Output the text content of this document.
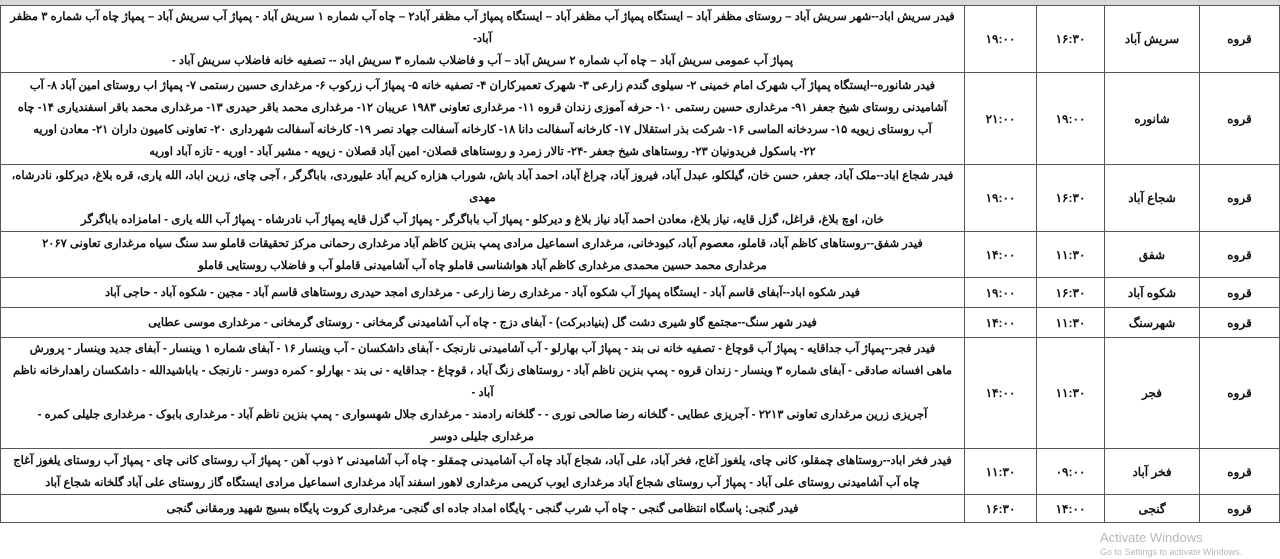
قروه	سریش آباد	۱۶:۳۰	۱۹:۰۰	فیدر سریش اباد--شهر سریش آباد – روستای مظفر آباد – ایستگاه پمپاژ آب مظفر آباد – ایستگاه پمپاژ آب مظفر آباد۲ – چاه آب شماره ۱ سریش آباد - پمپاژ آب سریش آباد – پمپاژ چاه آب شماره ۳ مظفر آباد-
پمپاژ آب عمومی سریش آباد – چاه آب شماره ۲ سریش آباد – آب و فاضلاب شماره ۳ سریش اباد -- تصفیه خانه فاضلاب سریش آباد -

قروه	شانوره	۱۹:۰۰	۲۱:۰۰	فیدر شانوره--ایستگاه پمپاژ آب شهرک امام خمینی ۲- سیلوی گندم زارعی ۳- شهرک تعمیرکاران ۴- تصفیه خانه ۵- پمپاژ آب زرکوب ۶- مرغداری حسین رستمی ۷- پمپاژ اب روستای امین آباد ۸- آب
آشامیدنی روستای شیخ جعفر ۹۱- مرغداری حسین رستمی ۱۰- حرفه آموزی زندان قروه ۱۱- مرغداری تعاونی ۱۹۸۳ عریبان ۱۲- مرغداری محمد باقر حیدری ۱۳- مرغداری محمد باقر اسفندیاری ۱۴- چاه
آب روستای زیویه ۱۵- سردخانه الماسی ۱۶- شرکت بذر استقلال ۱۷- کارخانه آسفالت دانا ۱۸- کارخانه آسفالت جهاد نصر ۱۹- کارخانه آسفالت شهرداری ۲۰- تعاونی کامیون داران ۲۱- معادن اوریه
۲۲- باسکول فریدونیان ۲۳- روستاهای شیخ جعفر -۲۴- تالار زمرد و روستاهای قصلان- امین آباد قصلان - زیویه - مشیر آباد - اوریه - تازه آباد اوریه

قروه	شجاع آباد	۱۶:۳۰	۱۹:۰۰	فیدر شجاع اباد--ملک آباد، جعفر، حسن خان، گیلکلو، عبدل آباد، فیروز آباد، چراغ آباد، احمد آباد باش، شوراب هزاره کریم آباد علیوردی، باباگرگر ، آجی چای، زرین اباد، الله یاری، قره بلاغ، دیرکلو، نادرشاه، مهدی
خان، اوچ بلاغ، قراغل، گزل قایه، نیاز بلاغ، معادن احمد آباد نیاز بلاغ و دیرکلو - پمپاژ آب باباگرگر - پمپاژ آب گزل قایه پمپاژ آب نادرشاه - پمپاژ آب الله یاری - امامزاده باباگرگر

قروه	شفق	۱۱:۳۰	۱۴:۰۰	فیدر شفق--روستاهای کاظم آباد، قاملو، معصوم آباد، کبودخانی، مرغداری اسماعیل مرادی پمپ بنزین کاظم آباد مرغداری رحمانی مرکز تحقیقات قاملو سد سنگ سیاه مرغداری تعاونی ۲۰۶۷
مرغداری محمد حسین محمدی مرغداری کاظم آباد هواشناسی قاملو چاه آب آشامیدنی قاملو آب و فاضلاب روستایی قاملو

قروه	شکوه آباد	۱۶:۳۰	۱۹:۰۰	فیدر شکوه اباد--آبفای قاسم آباد - ایستگاه پمپاژ آب شکوه آباد - مرغداری رضا زارعی - مرغداری امجد حیدری روستاهای قاسم آباد - مجین - شکوه آباد - حاجی آباد

قروه	شهرسنگ	۱۱:۳۰	۱۴:۰۰	فیدر شهر سنگ--مجتمع گاو شیری دشت گل (بنیادبرکت) - آبفای دزج - چاه آب آشامیدنی گرمخانی - روستای گرمخانی - مرغداری موسی عطایی

قروه	فجر	۱۱:۳۰	۱۴:۰۰	فیدر فجر--پمپاژ آب جداقایه - پمپاژ آب قوچاغ - تصفیه خانه نی بند - پمپاژ آب بهارلو - آب آشامیدنی نارنجک - آبفای داشکسان - آب وینسار ۱۶ - آبفای شماره ۱ وینسار - آبفای جدید وینسار - پرورش
ماهی افسانه صادقی - آبفای شماره ۳ وینسار - زندان قروه - پمپ بنزین ناظم آباد - روستاهای زنگ آباد ، قوچاغ - جداقایه - نی بند - بهارلو - کمره دوسر - نارنجک - باباشیدالله - داشکسان راهدارخانه ناظم آباد -
آجریزی زرین مرغداری تعاونی ۲۲۱۳ - آجریزی عطایی - گلخانه رضا صالحی نوری - - گلخانه رادمند - مرغداری جلال شهسواری - پمپ بنزین ناظم آباد - مرغداری بابوک - مرغداری جلیلی کمره -
مرغداری جلیلی دوسر

قروه	فخر آباد	۰۹:۰۰	۱۱:۳۰	فیدر فخر اباد--روستاهای چمقلو، کانی چای، یلغوز آغاج، فخر آباد، علی آباد، شجاع آباد چاه آب آشامیدنی چمقلو - چاه آب آشامیدنی ۲ ذوب آهن - پمپاژ آب روستای کانی چای - پمپاژ آب روستای یلغوز آغاج
چاه آب آشامیدنی روستای علی آباد - پمپاژ آب روستای شجاع آباد مرغداری ایوب کریمی مرغداری لاهور اسفند آباد مرغداری اسماعیل مرادی ایستگاه گاز روستای علی آباد گلخانه شجاع آباد

قروه	گنجی	۱۴:۰۰	۱۶:۳۰	فیدر گنجی: پاسگاه انتظامی گنجی - چاه آب شرب گنجی - پایگاه امداد جاده ای گنجی- مرغداری کروت پایگاه بسیج شهید ورمقانی گنجی
Activate Windows
Go to Settings to activate Windows.
